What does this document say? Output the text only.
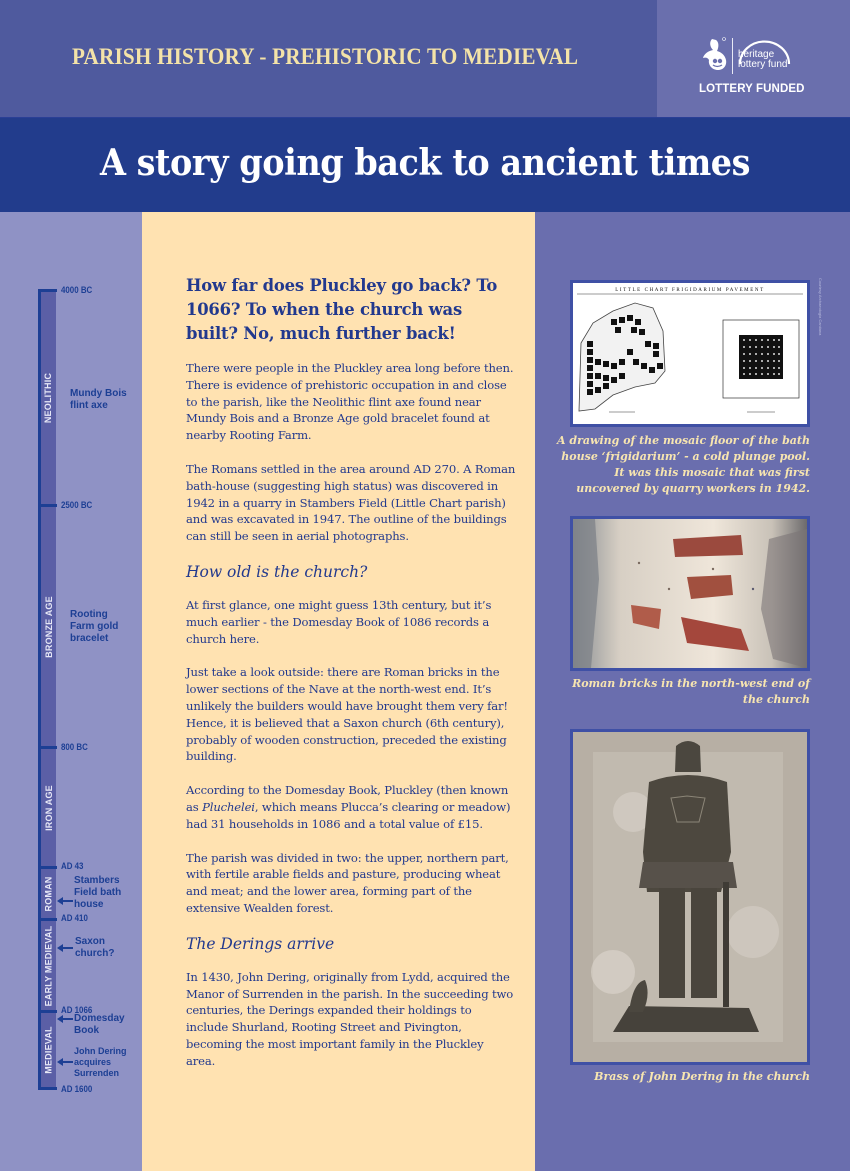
PARISH HISTORY - PREHISTORIC TO MEDIEVAL	heritage
lottery fund
LOTTERY FUNDED
A story going back to ancient times
4000 BC
2500 BC
800 BC
AD 43
AD 410
AD 1066
AD 1600
NEOLITHIC
BRONZE AGE
IRON AGE
ROMAN
EARLY MEDIEVAL
MEDIEVAL
Mundy Bois
flint axe
Rooting
Farm gold
bracelet
Stambers
Field bath
house
Saxon
church?
Domesday
Book
John Dering
acquires
Surrenden

How far does Pluckley go back? To 1066? To when the church was built? No, much further back!

There were people in the Pluckley area long before then. There is evidence of prehistoric occupation in and close to the parish, like the Neolithic flint axe found near Mundy Bois and a Bronze Age gold bracelet found at nearby Rooting Farm.

The Romans settled in the area around AD 270. A Roman bath-house (suggesting high status) was discovered in 1942 in a quarry in Stambers Field (Little Chart parish) and was excavated in 1947. The outline of the buildings can still be seen in aerial photographs.

How old is the church?

At first glance, one might guess 13th century, but it’s much earlier - the Domesday Book of 1086 records a church here.

Just take a look outside: there are Roman bricks in the lower sections of the Nave at the north-west end. It’s unlikely the builders would have brought them very far! Hence, it is believed that a Saxon church (6th century), probably of wooden construction, preceded the existing building.

According to the Domesday Book, Pluckley (then known as Pluchelei, which means Plucca’s clearing or meadow) had 31 households in 1086 and a total value of £15.

The parish was divided in two: the upper, northern part, with fertile arable fields and pasture, producing wheat and meat; and the lower area, forming part of the extensive Wealden forest.

The Derings arrive

In 1430, John Dering, originally from Lydd, acquired the Manor of Surrenden in the parish. In the succeeding two centuries, the Derings expanded their holdings to include Shurland, Rooting Street and Pivington, becoming the most important family in the Pluckley area.

LITTLE CHART FRIGIDARIUM PAVEMENT	Courtesy Archaeologia Cantiana
A drawing of the mosaic floor of the bath house ‘frigidarium’ - a cold plunge pool. It was this mosaic that was first uncovered by quarry workers in 1942.
Roman bricks in the north-west end of the church
Brass of John Dering in the church
